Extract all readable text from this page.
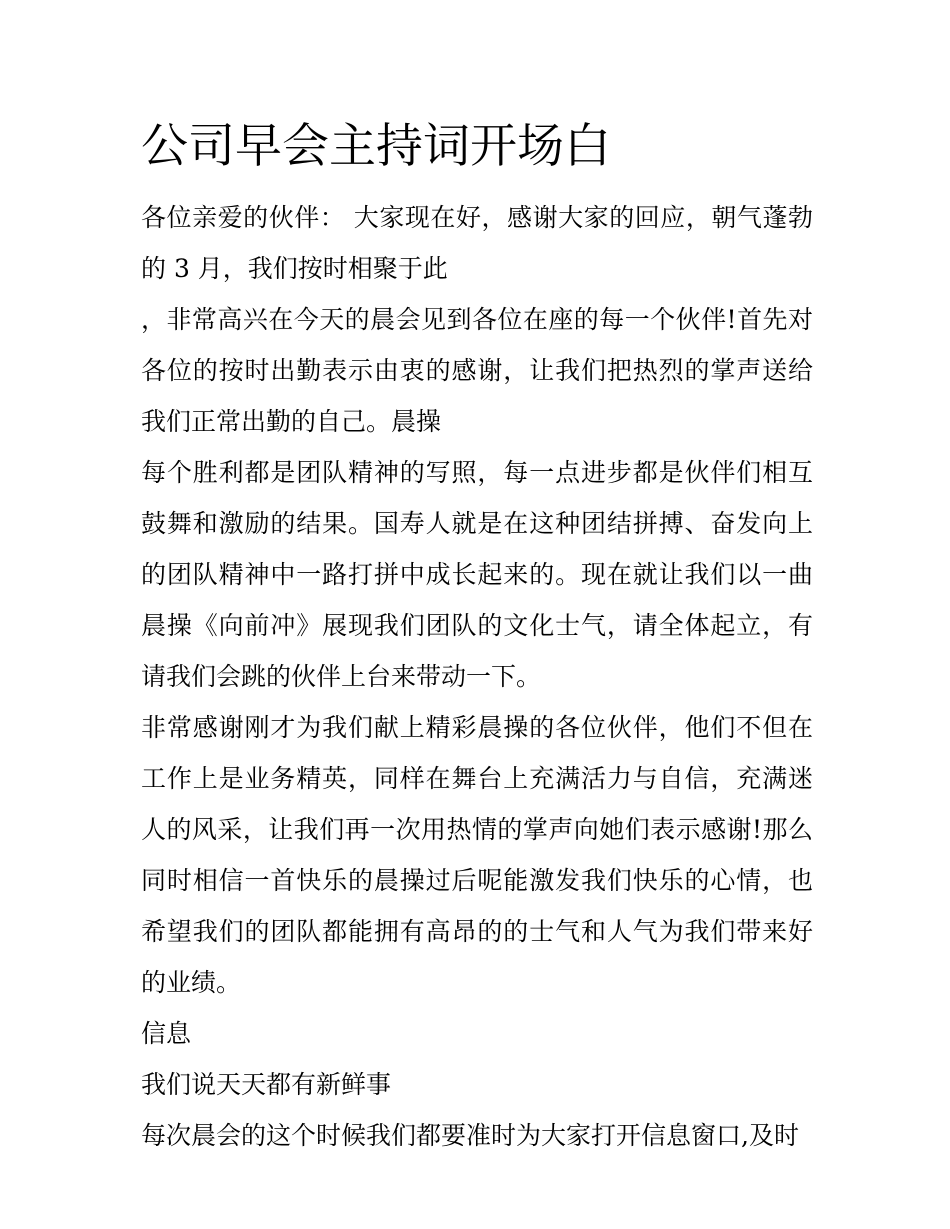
公司早会主持词开场白

各位亲爱的伙伴： 大家现在好，感谢大家的回应，朝气蓬勃的 3 月，我们按时相聚于此

，非常高兴在今天的晨会见到各位在座的每一个伙伴!首先对各位的按时出勤表示由衷的感谢，让我们把热烈的掌声送给我们正常出勤的自己。晨操

每个胜利都是团队精神的写照，每一点进步都是伙伴们相互鼓舞和激励的结果。国寿人就是在这种团结拼搏、奋发向上的团队精神中一路打拼中成长起来的。现在就让我们以一曲晨操《向前冲》展现我们团队的文化士气，请全体起立，有请我们会跳的伙伴上台来带动一下。

非常感谢刚才为我们献上精彩晨操的各位伙伴，他们不但在工作上是业务精英，同样在舞台上充满活力与自信，充满迷人的风采，让我们再一次用热情的掌声向她们表示感谢!那么同时相信一首快乐的晨操过后呢能激发我们快乐的心情，也希望我们的团队都能拥有高昂的的士气和人气为我们带来好的业绩。

信息

我们说天天都有新鲜事

每次晨会的这个时候我们都要准时为大家打开信息窗口,及时
